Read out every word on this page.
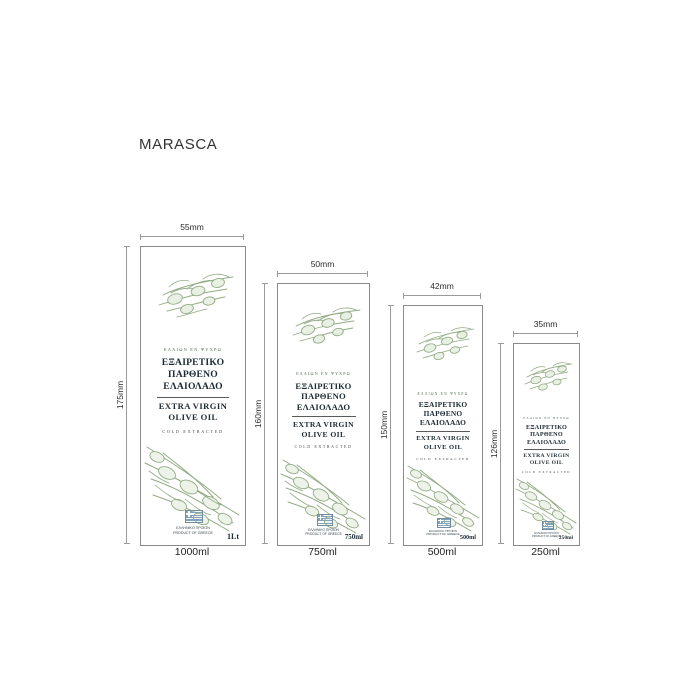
MARASCA
55mm
175mm
ΕΛΑΙΩΝ ΕΝ ΨΥΧΡΩ
ΕΞΑΙΡΕΤΙΚΟ
ΠΑΡΘΕΝΟ
ΕΛΑΙΟΛΑΔΟ
EXTRA VIRGIN
OLIVE OIL
COLD EXTRACTED
ΕΛΛΗΝΙΚΟ ΠΡΟΪΟΝ
PRODUCT OF GREECE	1Lt
1000ml
50mm
160mm
ΕΛΑΙΩΝ ΕΝ ΨΥΧΡΩ
ΕΞΑΙΡΕΤΙΚΟ
ΠΑΡΘΕΝΟ
ΕΛΑΙΟΛΑΔΟ
EXTRA VIRGIN
OLIVE OIL
COLD EXTRACTED
ΕΛΛΗΝΙΚΟ ΠΡΟΪΟΝ
PRODUCT OF GREECE 750ml
750ml
42mm
150mm
ΕΛΑΙΩΝ ΕΝ ΨΥΧΡΩ
ΕΞΑΙΡΕΤΙΚΟ
ΠΑΡΘΕΝΟ
ΕΛΑΙΟΛΑΔΟ
EXTRA VIRGIN
OLIVE OIL
COLD EXTRACTED
ΕΛΛΗΝΙΚΟ ΠΡΟΪΟΝ
PRODUCT OF GREECE 500ml
500ml
35mm
126mm
ΕΛΑΙΩΝ ΕΝ ΨΥΧΡΩ
ΕΞΑΙΡΕΤΙΚΟ
ΠΑΡΘΕΝΟ
ΕΛΑΙΟΛΑΔΟ
EXTRA VIRGIN
OLIVE OIL
COLD EXTRACTED
ΕΛΛΗΝΙΚΟ ΠΡΟΪΟΝ
PRODUCT OF GREECE
250ml
250ml
